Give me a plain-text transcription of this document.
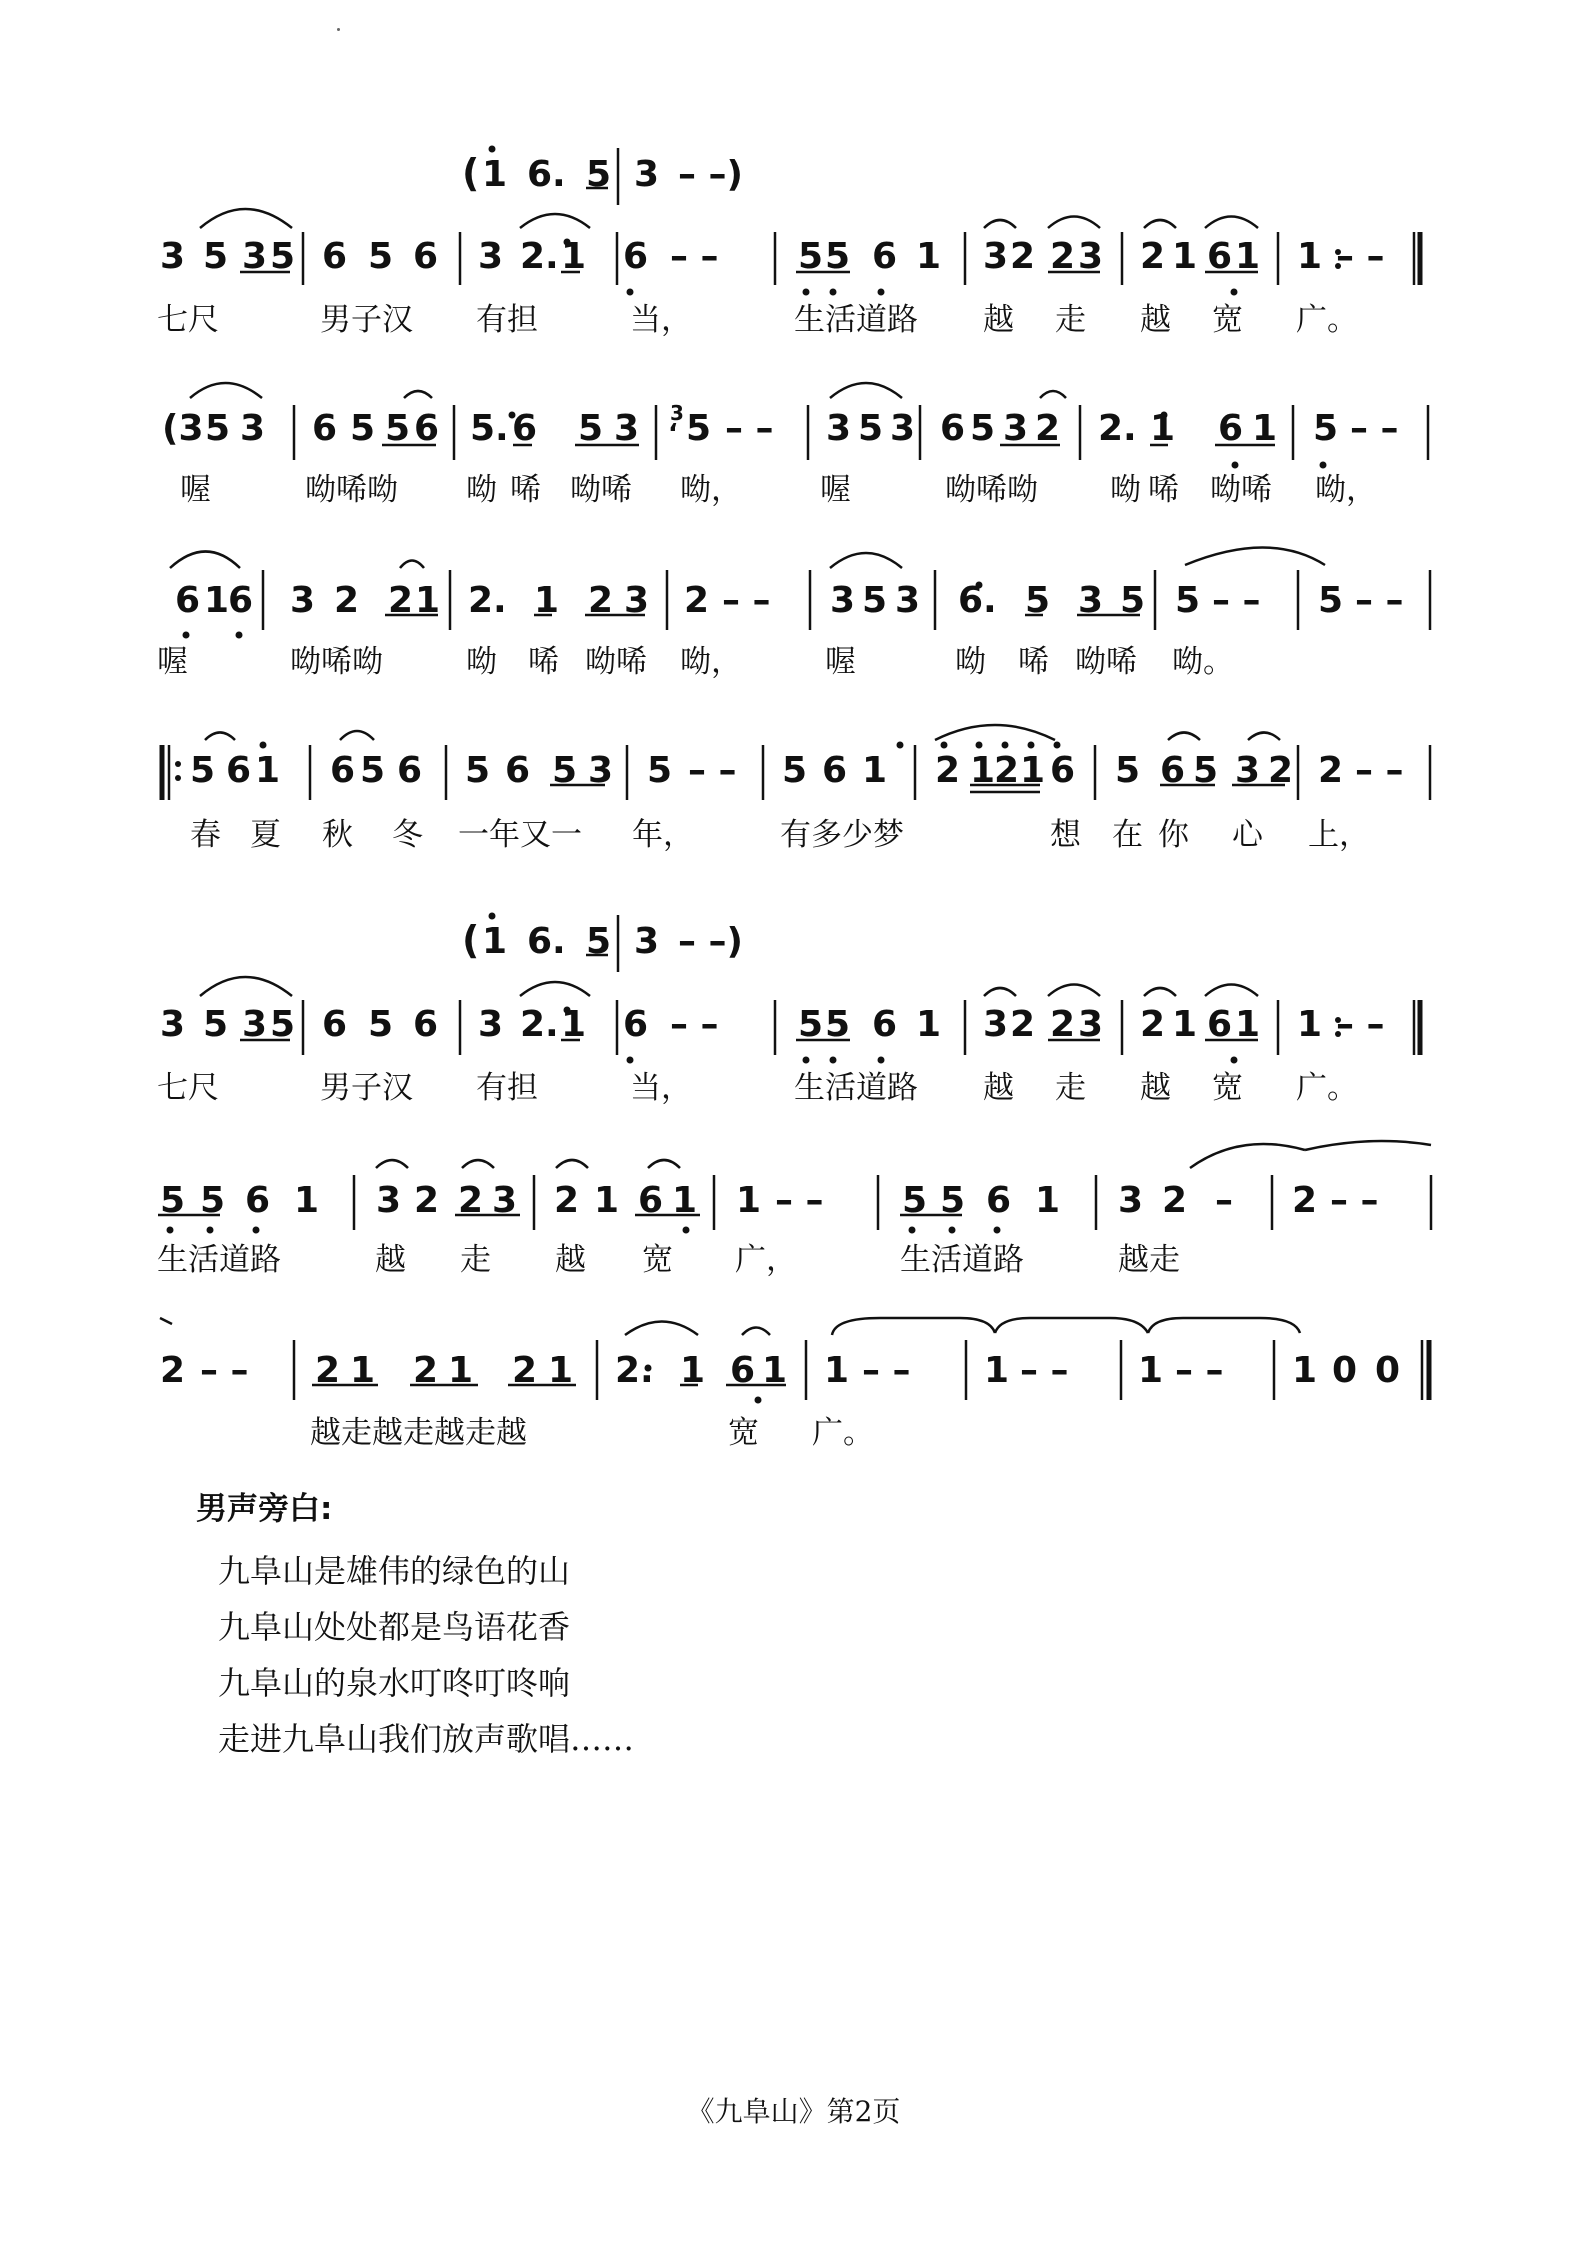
( 1 6. 5 3 – –)
3 5 3 5 6 5 6 3 2. 1 6 – – 5 5 6 1 3 2 2 3 2 1 6 1 1 – –
(3 5 3 6 5 5 6 5. 6 5 3 3
‘ 5 – – 3 5 3 6 5 3 2 2. 1 6 1 5 – –
6 1
6 3 2 2 1 2. 1 2 3 2 – – 3 5 3 6. 5 3 5 5 – – 5 – –
5 6 1 6 5 6 5 6 5 3 5 – – 5 6 1 2 1
2 1 6 5 6 5 3 2 2 – –
( 1 6. 5 3 – –)
3 5 3 5 6 5 6 3 2. 1 6 – – 5 5 6 1 3 2 2 3 2 1 6 1 1 – –
5 5 6 1 3 2 2 3 2 1 6 1 1 – – 5 5 6 1 3 2 – 2 – –
2 – – 2 1 2 1 2 1 2. 1 6 1 1 – – 1 – – 1 – – 1 0 0
七尺	男子汉 有担	当，	生活道路 越 走 越 宽 广。
喔	呦唏呦 呦 唏 呦唏 呦，	喔	呦唏呦 呦 唏 呦唏 呦，
喔	呦唏呦	呦 唏 呦唏 呦，	喔	呦 唏 呦唏 呦。
春 夏 秋 冬 一年又一 年，	有多少梦	想 在 你 心 上，
七尺	男子汉 有担	当，	生活道路 越 走 越 宽 广。
生活道路	越 走 越 宽 广，	生活道路	越走
越走越走越走越	宽 广。
男声旁白:
九阜山是雄伟的绿色的山
九阜山处处都是鸟语花香
九阜山的泉水叮咚叮咚响
走进九阜山我们放声歌唱……
《九阜山》第2页
